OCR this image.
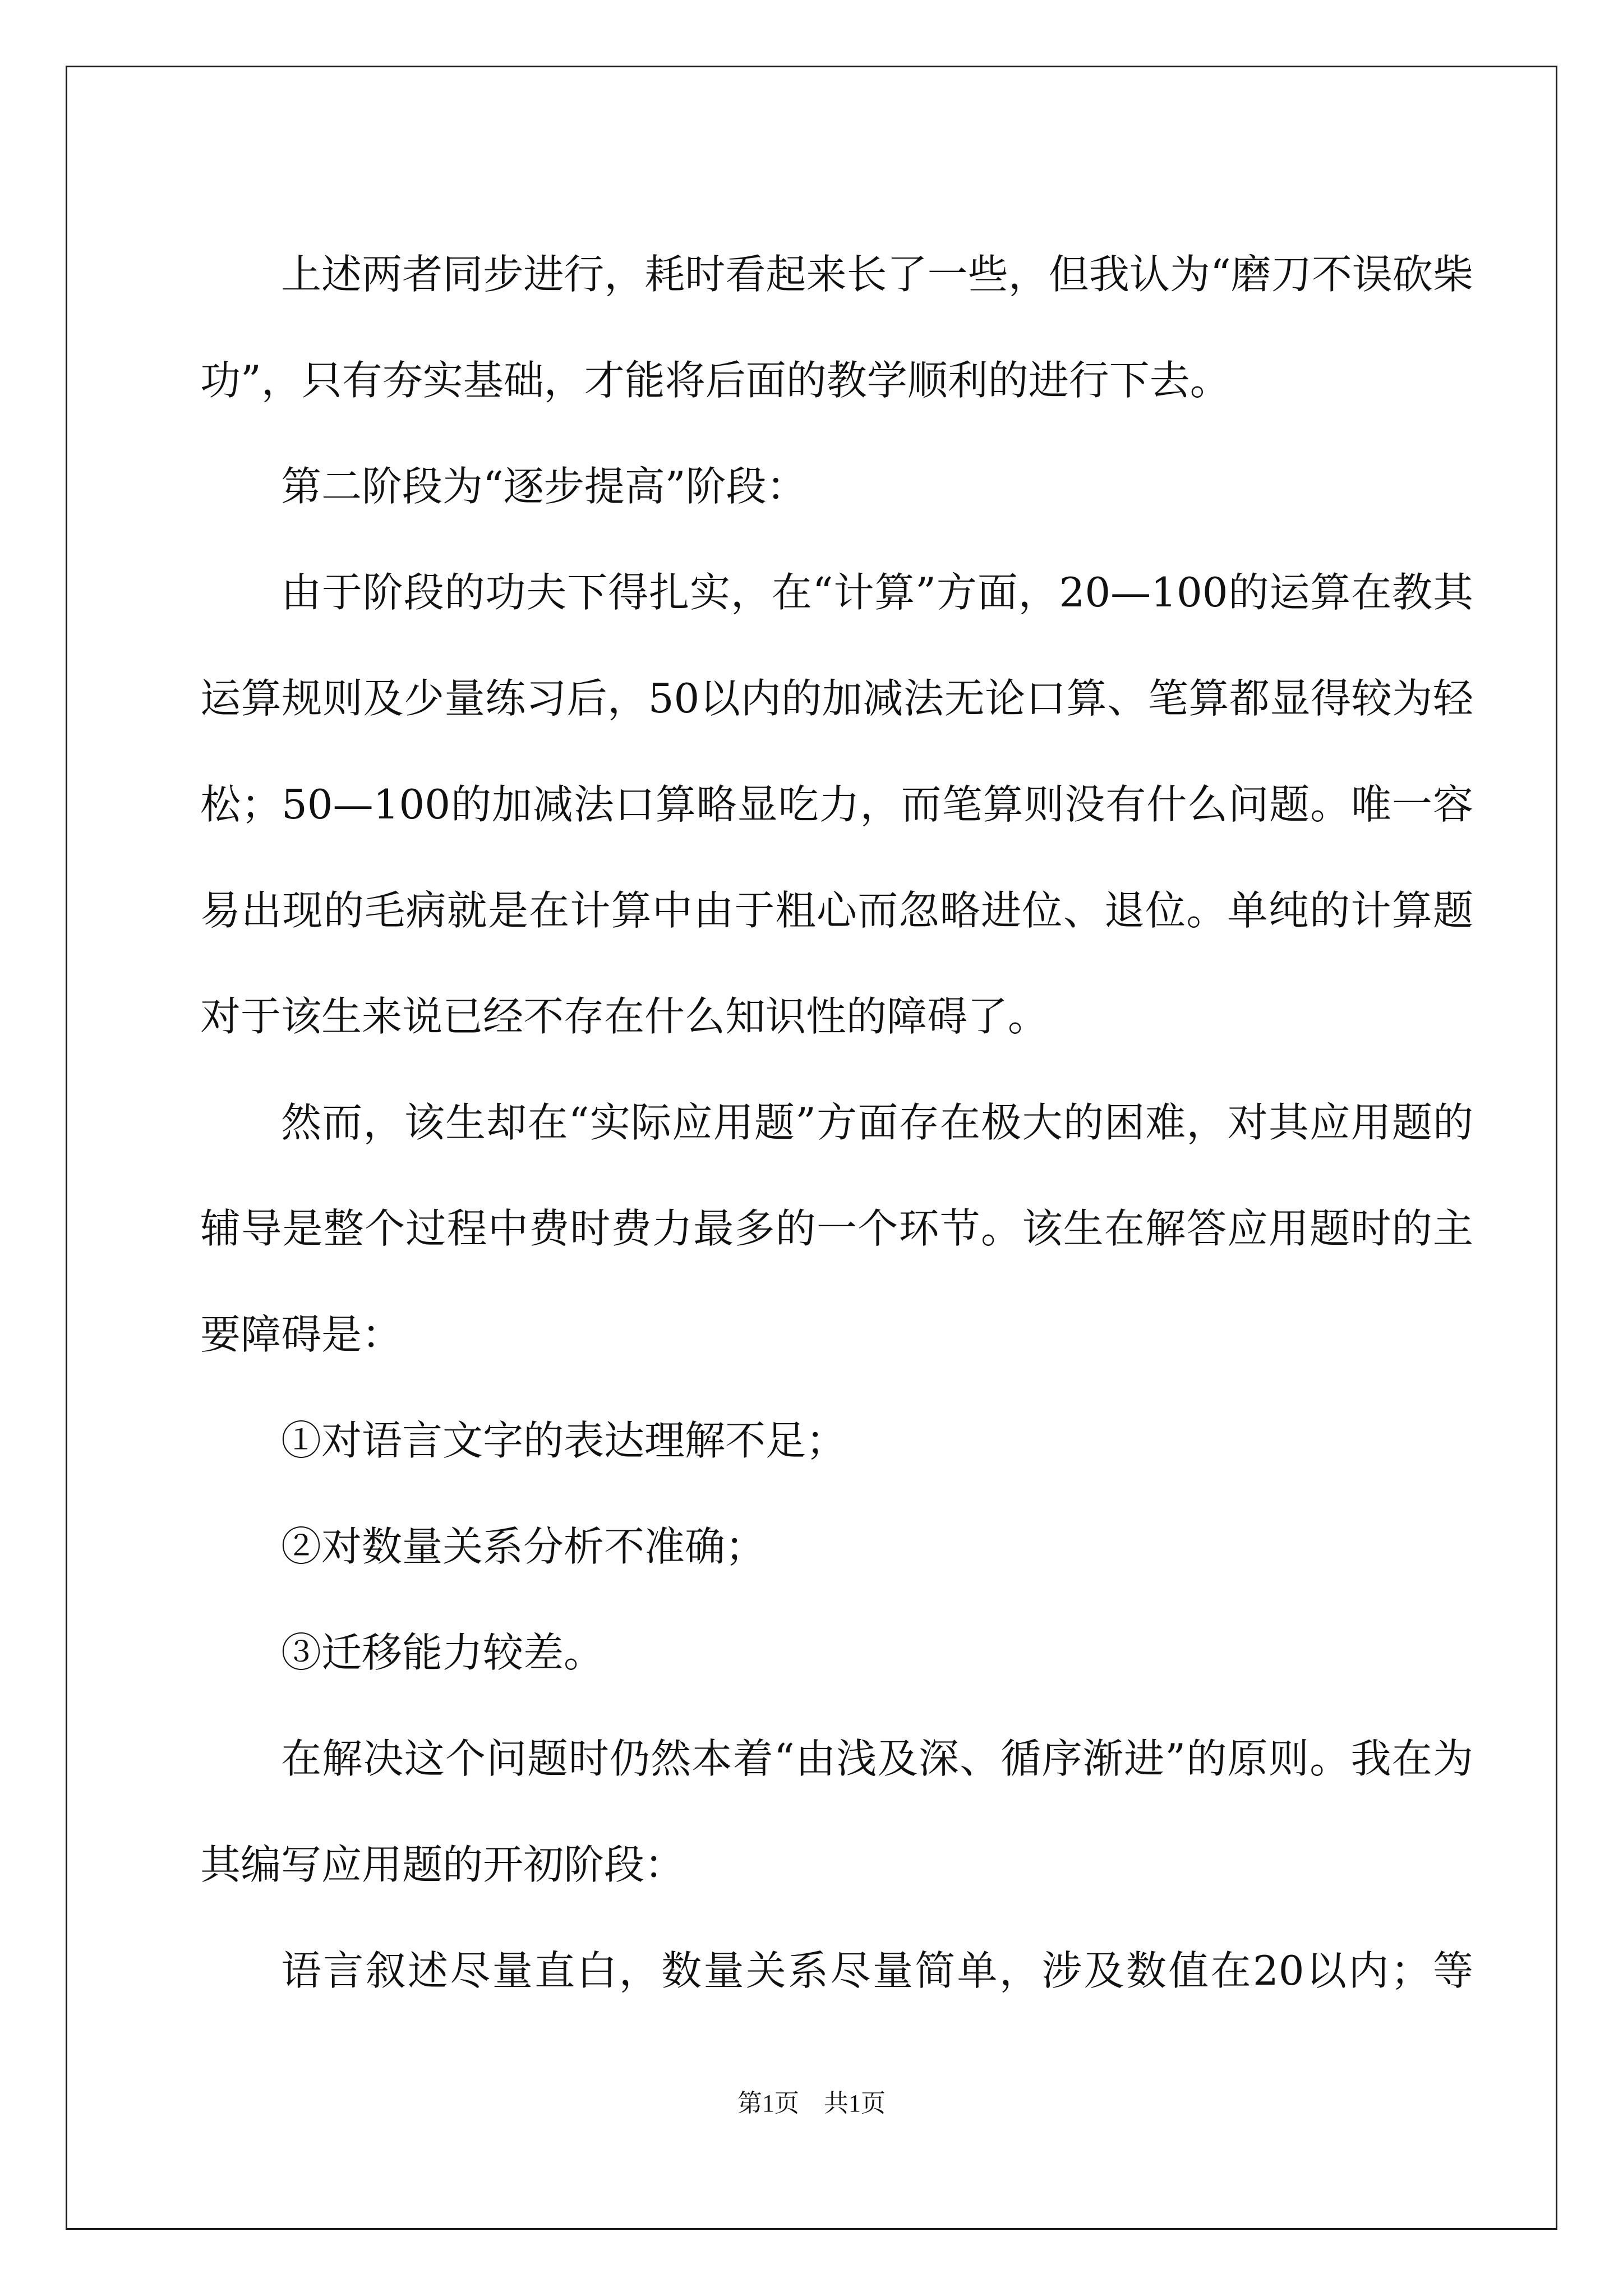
上述两者同步进行，耗时看起来长了一些，但我认为“磨刀不误砍柴功”，只有夯实基础，才能将后面的教学顺利的进行下去。

第二阶段为“逐步提高”阶段：

由于阶段的功夫下得扎实，在“计算”方面，20—100的运算在教其运算规则及少量练习后，50以内的加减法无论口算、笔算都显得较为轻松；50—100的加减法口算略显吃力，而笔算则没有什么问题。唯一容易出现的毛病就是在计算中由于粗心而忽略进位、退位。单纯的计算题对于该生来说已经不存在什么知识性的障碍了。

然而，该生却在“实际应用题”方面存在极大的困难，对其应用题的辅导是整个过程中费时费力最多的一个环节。该生在解答应用题时的主要障碍是：

①对语言文字的表达理解不足；

②对数量关系分析不准确；

③迁移能力较差。

在解决这个问题时仍然本着“由浅及深、循序渐进”的原则。我在为其编写应用题的开初阶段：

语言叙述尽量直白，数量关系尽量简单，涉及数值在20以内；等

第1页　共1页
